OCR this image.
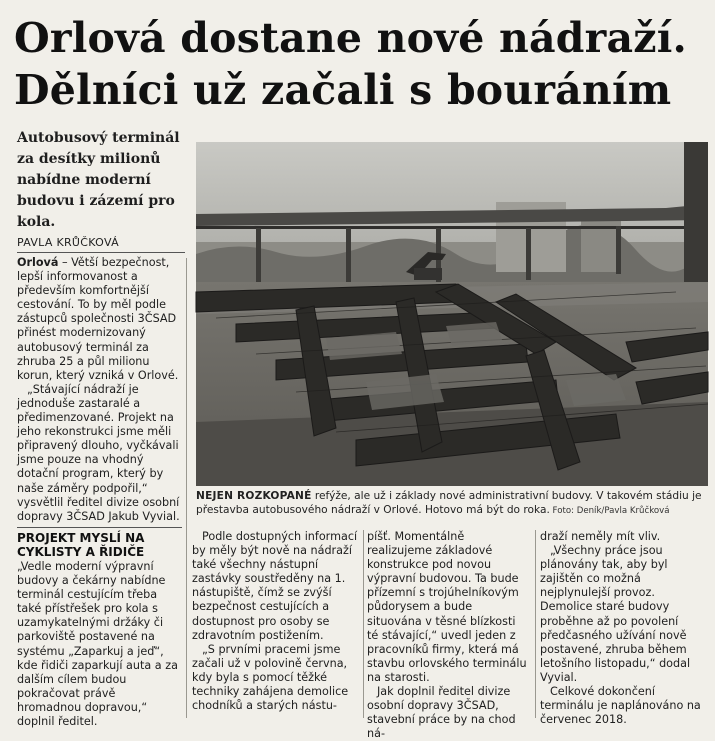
Orlová dostane nové nádraží.
Dělníci už začali s bouráním
Autobusový terminál za desítky milionů nabídne moderní budovu i zázemí pro kola.
PAVLA KRŮČKOVÁ

Orlová – Větší bezpečnost, lepší informovanost a především komfortnější cestování. To by měl podle zástupců společnosti 3ČSAD přinést modernizovaný autobusový terminál za zhruba 25 a půl milionu korun, který vzniká v Orlové.

„Stávající nádraží je jednoduše zastaralé a předimenzované. Projekt na jeho rekonstrukci jsme měli připravený dlouho, vyčkávali jsme pouze na vhodný dotační program, který by naše záměry podpořil,“ vysvětlil ředitel divize osobní dopravy 3ČSAD Jakub Vyvial.

PROJEKT MYSLÍ NA CYKLISTY A ŘIDIČE

„Vedle moderní výpravní budovy a čekárny nabídne terminál cestujícím třeba také přístřešek pro kola s uzamykatelnými držáky či parkoviště postavené na systému „Zaparkuj a jeď“, kde řidiči zaparkují auta a za dalším cílem budou pokračovat právě hromadnou dopravou,“ doplnil ředitel.

NEJEN ROZKOPANÉ refýže, ale už i základy nové administrativní budovy. V takovém stádiu je přestavba autobusového nádraží v Orlové. Hotovo má být do roka. Foto: Deník/Pavla Krůčková

Podle dostupných informací by měly být nově na nádraží také všechny nástupní zastávky soustředěny na 1. nástupiště, čímž se zvýší bezpečnost cestujících a dostupnost pro osoby se zdravotním postižením.

„S prvními pracemi jsme začali už v polovině června, kdy byla s pomocí těžké techniky zahájena demolice chodníků a starých nástu-

píšť. Momentálně realizujeme základové konstrukce pod novou výpravní budovou. Ta bude přízemní s trojúhelníkovým půdorysem a bude situována v těsné blízkosti té stávající,“ uvedl jeden z pracovníků firmy, která má stavbu orlovského terminálu na starosti.

Jak doplnil ředitel divize osobní dopravy 3ČSAD, stavební práce by na chod ná-

draží neměly mít vliv.

„Všechny práce jsou plánovány tak, aby byl zajištěn co možná nejplynulejší provoz. Demolice staré budovy proběhne až po povolení předčasného užívání nově postavené, zhruba během letošního listopadu,“ dodal Vyvial.

Celkové dokončení terminálu je naplánováno na červenec 2018.
